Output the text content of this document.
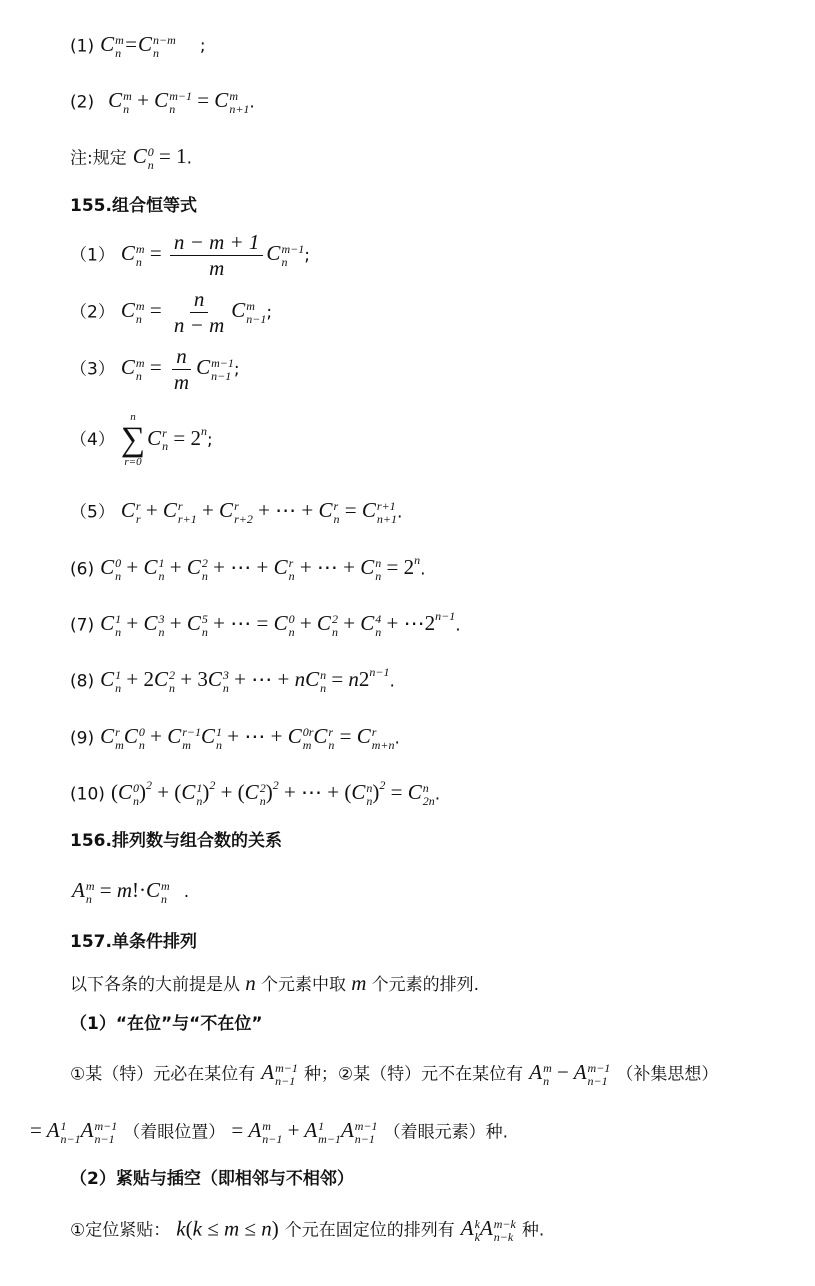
(1) C m
n =C n−m
n	;
(2) C m
n + C m−1
n	= C m
n+1 .
注:规定 C 0
n = 1.
155.组合恒等式
（1） C m
$n = \frac{n - m + 1}{m}$ C m−1
n ;
（2） C m
$n = \frac{n}{n - m}$ C m
n−1 ;
（3） C m
$n = \frac{n}{m}$ C m−1
n−1 ;
（4）
n
∑
r=0
C r
$n = 2^n$;
（5） C r
r + C r
r+1 + C r
r+2 + ⋯ + C r
n = C r+1
n+1 .
(6) C 0
n + C 1
n + C 2
n + ⋯ + C r
n + ⋯ + C n
$n = 2^n$.
(7) C 1
n + C 3
n + C 5
n + ⋯ = C 0
n + C 2
n + C 4
$n + \cdots 2^{n-1}$.
(8) C 1
n + 2C 2
n + 3C 3
n + ⋯ + nC n
$n = n2^{n-1}$.
(9) C r
m C 0
n + C r−1
m C 1
n + ⋯ + C 0r
m C r
n = C r
m+n .
(10) (C 0
n )$^2$ + (C 1
n )$^2$ + (C 2
n )$^2$ + ⋯ + (C n
n )$^2$ = C n
2n .
156.排列数与组合数的关系
A m
n = m!·C m
n .
157.单条件排列
以下各条的大前提是从 n 个元素中取 m 个元素的排列.
（1）“在位”与“不在位”
①某（特）元必在某位有 A m−1
n−1 种；②某（特）元不在某位有 A m
n − A m−1
n−1 （补集思想）
= A 1
n−1 A m−1
n−1 （着眼位置） = A m
n−1 + A 1
m−1 A m−1
n−1 （着眼元素）种.
（2）紧贴与插空（即相邻与不相邻）
①定位紧贴： k(k ≤ m ≤ n) 个元在固定位的排列有 A k
k A m−k
n−k 种.
